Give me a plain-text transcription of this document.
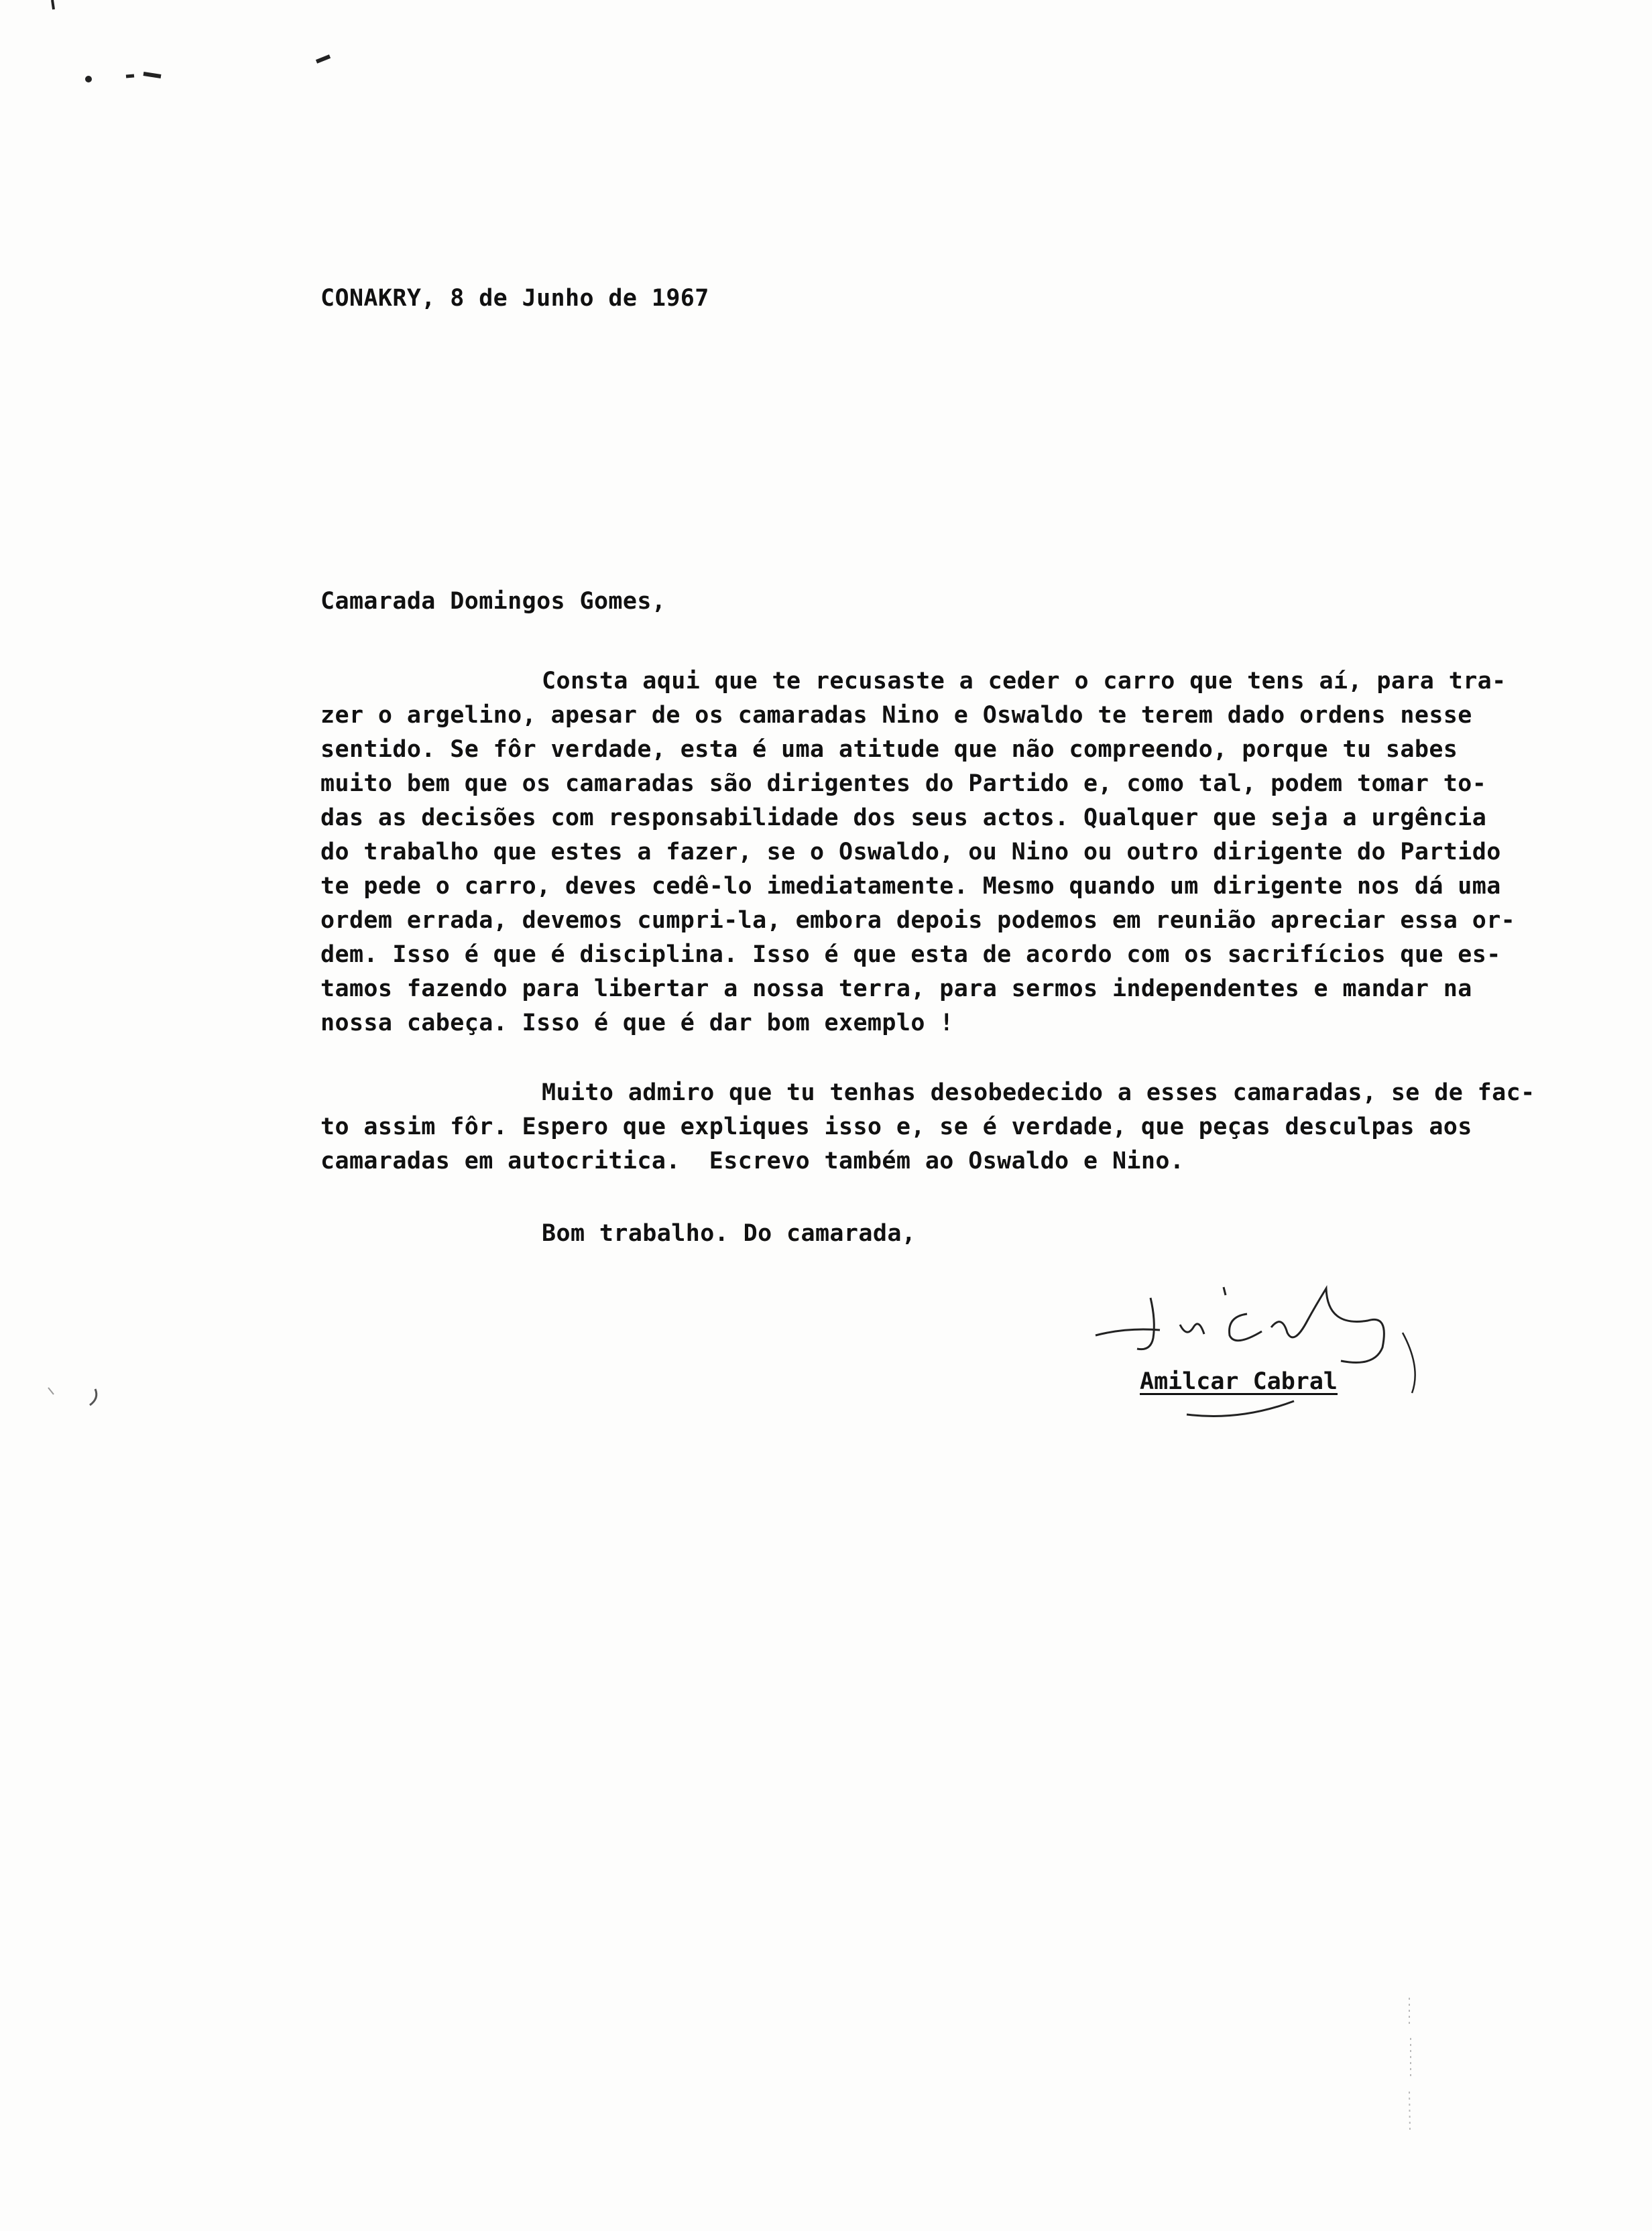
CONAKRY, 8 de Junho de 1967
Camarada Domingos Gomes,
Consta aqui que te recusaste a ceder o carro que tens aí, para tra-
zer o argelino, apesar de os camaradas Nino e Oswaldo te terem dado ordens nesse
sentido. Se fôr verdade, esta é uma atitude que não compreendo, porque tu sabes
muito bem que os camaradas são dirigentes do Partido e, como tal, podem tomar to-
das as decisões com responsabilidade dos seus actos. Qualquer que seja a urgência
do trabalho que estes a fazer, se o Oswaldo, ou Nino ou outro dirigente do Partido
te pede o carro, deves cedê-lo imediatamente. Mesmo quando um dirigente nos dá uma
ordem errada, devemos cumpri-la, embora depois podemos em reunião apreciar essa or-
dem. Isso é que é disciplina. Isso é que esta de acordo com os sacrifícios que es-
tamos fazendo para libertar a nossa terra, para sermos independentes e mandar na
nossa cabeça. Isso é que é dar bom exemplo !
Muito admiro que tu tenhas desobedecido a esses camaradas, se de fac-
to assim fôr. Espero que expliques isso e, se é verdade, que peças desculpas aos
camaradas em autocritica.  Escrevo também ao Oswaldo e Nino.
Bom trabalho. Do camarada,
Amilcar Cabral
